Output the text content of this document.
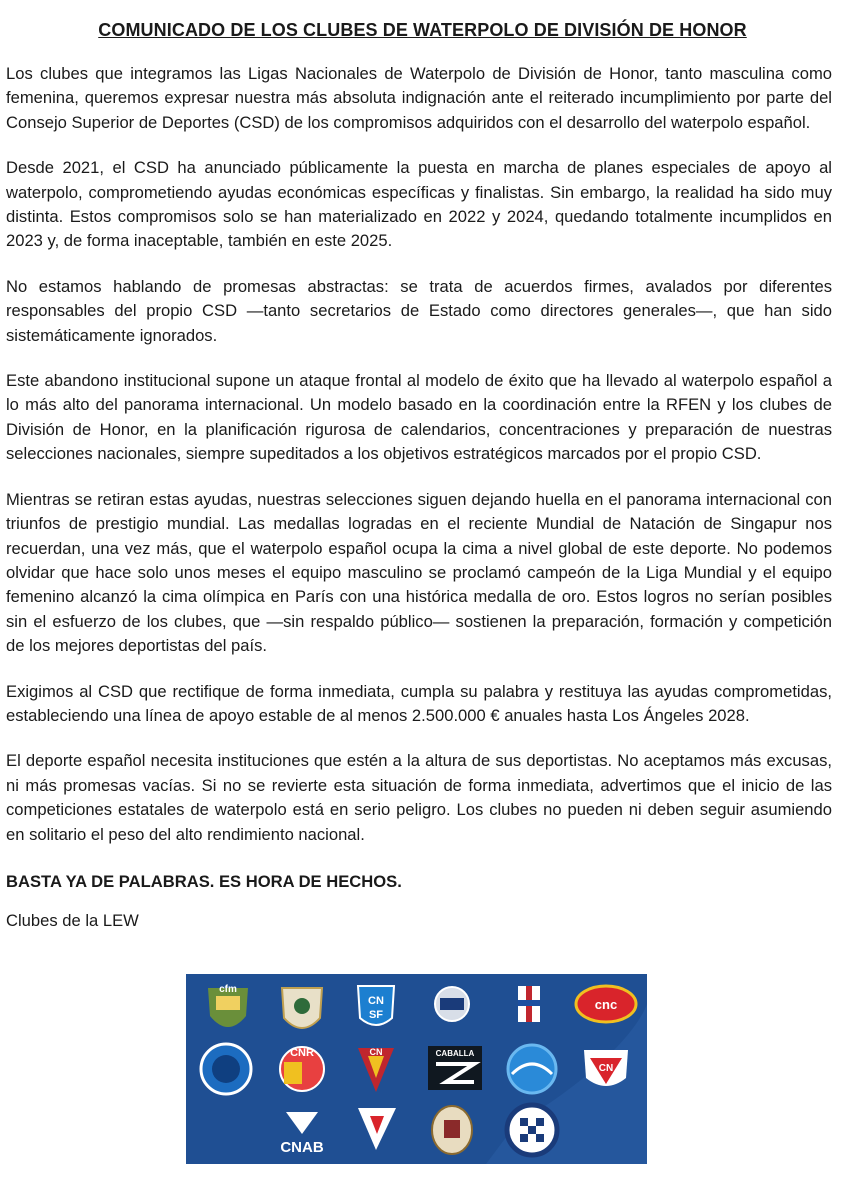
COMUNICADO DE LOS CLUBES DE WATERPOLO DE DIVISIÓN DE HONOR

Los clubes que integramos las Ligas Nacionales de Waterpolo de División de Honor, tanto masculina como femenina, queremos expresar nuestra más absoluta indignación ante el reiterado incumplimiento por parte del Consejo Superior de Deportes (CSD) de los compromisos adquiridos con el desarrollo del waterpolo español.

Desde 2021, el CSD ha anunciado públicamente la puesta en marcha de planes especiales de apoyo al waterpolo, comprometiendo ayudas económicas específicas y finalistas. Sin embargo, la realidad ha sido muy distinta. Estos compromisos solo se han materializado en 2022 y 2024, quedando totalmente incumplidos en 2023 y, de forma inaceptable, también en este 2025.

No estamos hablando de promesas abstractas: se trata de acuerdos firmes, avalados por diferentes responsables del propio CSD —tanto secretarios de Estado como directores generales—, que han sido sistemáticamente ignorados.

Este abandono institucional supone un ataque frontal al modelo de éxito que ha llevado al waterpolo español a lo más alto del panorama internacional. Un modelo basado en la coordinación entre la RFEN y los clubes de División de Honor, en la planificación rigurosa de calendarios, concentraciones y preparación de nuestras selecciones nacionales, siempre supeditados a los objetivos estratégicos marcados por el propio CSD.

Mientras se retiran estas ayudas, nuestras selecciones siguen dejando huella en el panorama internacional con triunfos de prestigio mundial. Las medallas logradas en el reciente Mundial de Natación de Singapur nos recuerdan, una vez más, que el waterpolo español ocupa la cima a nivel global de este deporte. No podemos olvidar que hace solo unos meses el equipo masculino se proclamó campeón de la Liga Mundial y el equipo femenino alcanzó la cima olímpica en París con una histórica medalla de oro. Estos logros no serían posibles sin el esfuerzo de los clubes, que —sin respaldo público— sostienen la preparación, formación y competición de los mejores deportistas del país.

Exigimos al CSD que rectifique de forma inmediata, cumpla su palabra y restituya las ayudas comprometidas, estableciendo una línea de apoyo estable de al menos 2.500.000 € anuales hasta Los Ángeles 2028.

El deporte español necesita instituciones que estén a la altura de sus deportistas. No aceptamos más excusas, ni más promesas vacías. Si no se revierte esta situación de forma inmediata, advertimos que el inicio de las competiciones estatales de waterpolo está en serio peligro. Los clubes no pueden ni deben seguir asumiendo en solitario el peso del alto rendimiento nacional.

BASTA YA DE PALABRAS. ES HORA DE HECHOS.
Clubes de la LEW
cfm
CN
SF
cnc
CNR	CN	CABALLA
CN
CNAB
